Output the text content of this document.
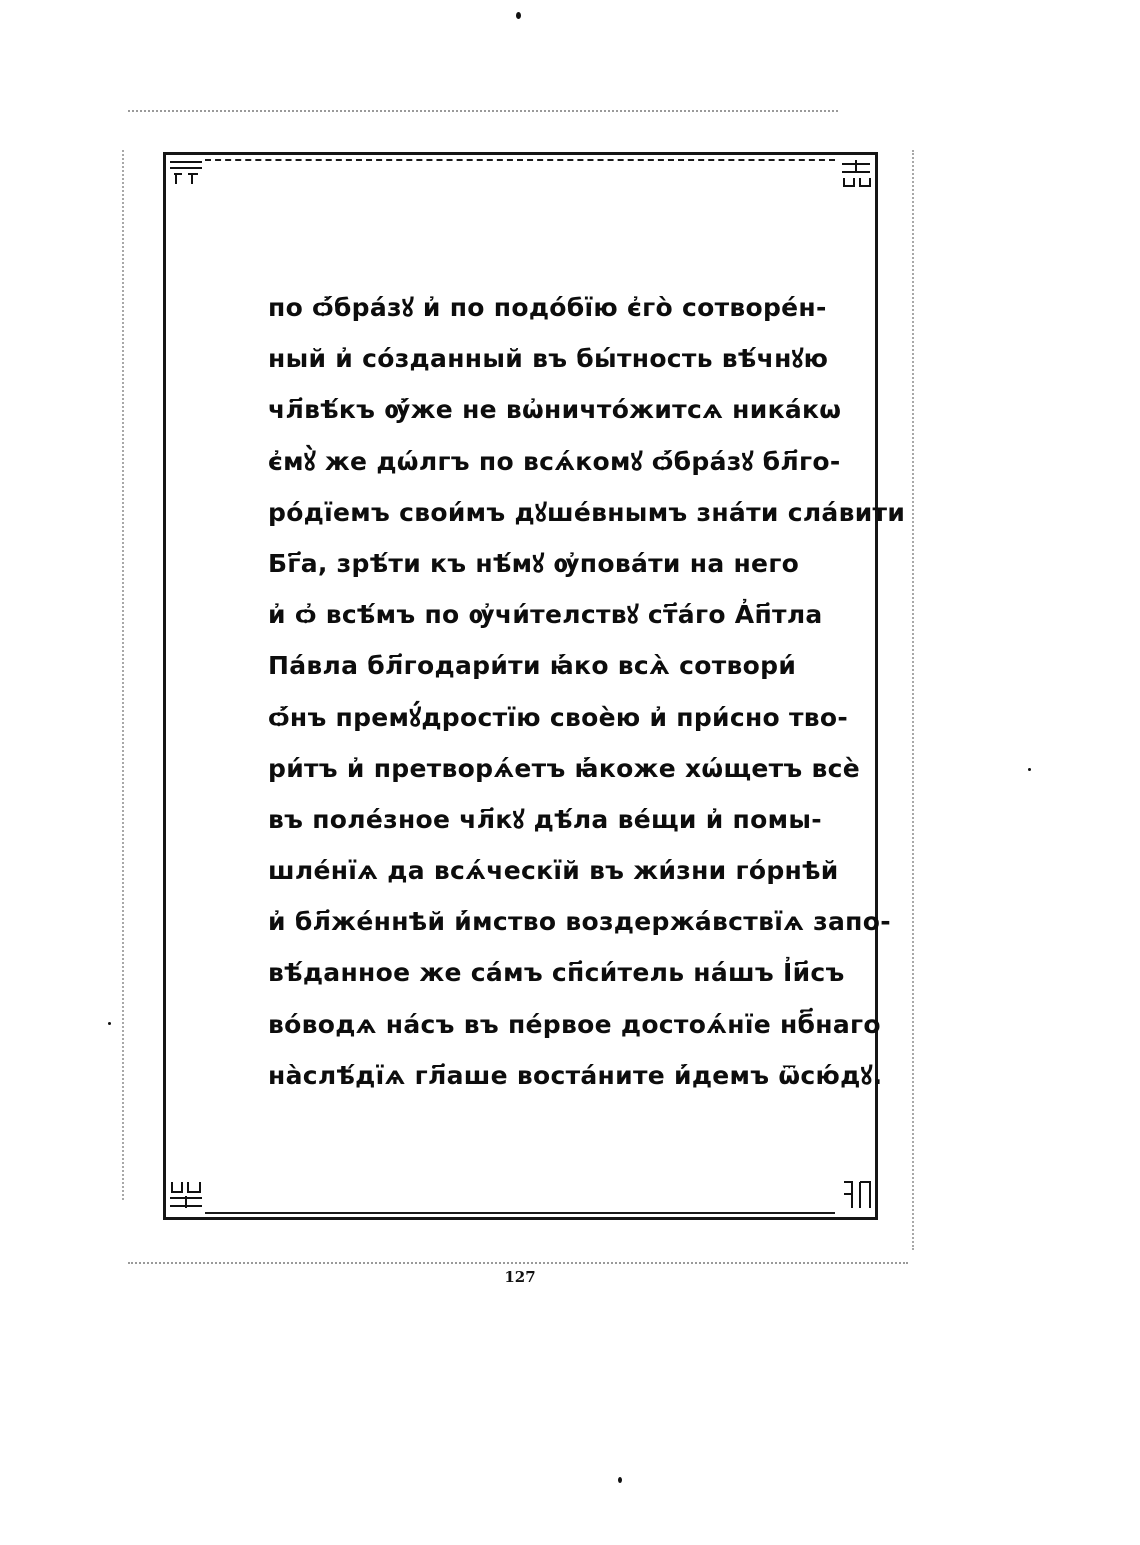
по ѻ҆́бра́зꙋ и҆ по подо́бїю є҆го̀ сотворе́н-
ный и҆ со́зданный въ бы́тность вѣ́чнꙋю
чл҃вѣ́къ ѹ҆́же не вѡ҆ничто́житсѧ ника́кѡ
є҆мꙋ̀ же дѡ́лгъ по всѧ́комꙋ ѻ҆́бра́зꙋ бл҃го-
ро́дїемъ свои́мъ дꙋше́внымъ зна́ти сла́вити
Бг҃а, зрѣ́ти къ нѣ́мꙋ ѹ҆пова́ти на него
и҆ ѻ҆ всѣ́мъ по ѹ҆чи́телствꙋ ст҃а́го А҆п҃тла
Па́вла бл҃годари́ти ꙗ҆́ко всѧ̀ сотвори́
ѻ҆́нъ премꙋ́дростїю своѐю и҆ при́сно тво-
ри́тъ и҆ претворѧ́етъ ꙗ҆́коже хѡ́щетъ всѐ
въ поле́зное чл҃кꙋ дѣ́ла ве́щи и҆ помы-
шле́нїѧ да всѧ́ческїй въ жи́зни го́рнѣй
и҆ бл҃же́ннѣй и҆́мство воздержа́вствїѧ запо-
вѣ́данное же са́мъ сп҃си́тель на́шъ І҆и҃съ
во́водѧ на́съ въ пе́рвое достоѧ́нїе нб҃наго
на̀слѣ́дїѧ гл҃аше воста́ните и҆́демъ ѿсю́дꙋ.
127
